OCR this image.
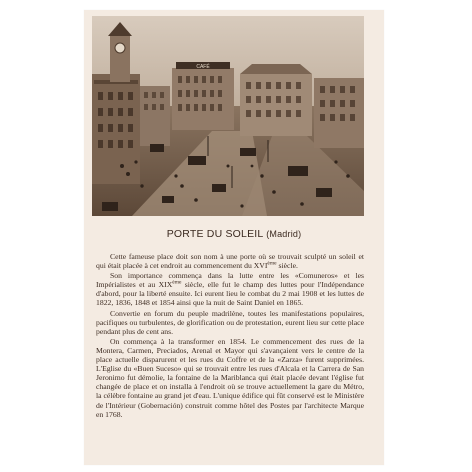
CAFÉ
PORTE DU SOLEIL (Madrid)

Cette fameuse place doit son nom à une porte où se trouvait sculpté un soleil et qui était placée à cet endroit au commencement du XVIème siècle.

Son importance commença dans la lutte entre les «Comuneros» et les Impérialistes et au XIXème siècle, elle fut le champ des luttes pour l'Indépendance d'abord, pour la liberté ensuite. Ici eurent lieu le combat du 2 mai 1908 et les luttes de 1822, 1836, 1848 et 1854 ainsi que la nuit de Saint Daniel en 1865.

Convertie en forum du peuple madrilène, toutes les manifestations populaires, pacifiques ou turbulentes, de glorification ou de protestation, eurent lieu sur cette place pendant plus de cent ans.

On commença à la transformer en 1854. Le commencement des rues de la Montera, Carmen, Preciados, Arenal et Mayor qui s'avançaient vers le centre de la place actuelle disparurent et les rues du Coffre et de la «Zarza» furent supprimées. L'Eglise du «Buen Suceso» qui se trouvait entre les rues d'Alcala et la Carrera de San Jeronimo fut démolie, la fontaine de la Mariblanca qui était placée devant l'église fut changée de place et on installa à l'endroit où se trouve actuellement la gare du Métro, la célèbre fontaine au grand jet d'eau. L'unique édifice qui fût conservé est le Ministère de l'Intérieur (Gobernación) construit comme hôtel des Postes par l'architecte Marque en 1768.
